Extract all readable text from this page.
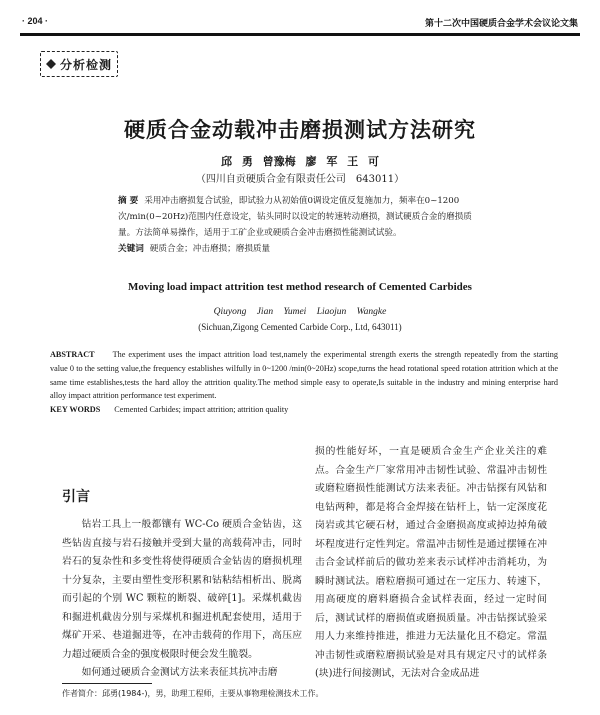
· 204 ·	第十二次中国硬质合金学术会议论文集
分析检测
硬质合金动载冲击磨损测试方法研究
邱 勇 曾豫梅 廖 军 王 可
（四川自贡硬质合金有限责任公司　643011）
摘 要 采用冲击磨损复合试验，即试验力从初始值0调设定值反复施加力，频率在0~1200次/min(0~20Hz)范围内任意设定，钻头同时以设定的转速转动磨损，测试硬质合金的磨损质量。方法简单易操作，适用于工矿企业或硬质合金冲击磨损性能测试试验。
关键词 硬质合金；冲击磨损；磨损质量
Moving load impact attrition test method research of Cemented Carbides
Qiuyong Jian Yumei Liaojun Wangke
(Sichuan,Zigong Cemented Carbide Corp., Ltd, 643011)
ABSTRACT The experiment uses the impact attrition load test,namely the experimental strength exerts the strength repeatedly from the starting value 0 to the setting value,the frequency establishes wilfully in 0~1200 /min(0~20Hz) scope,turns the head rotational speed rotation attrition which at the same time establishes,tests the hard alloy the attrition quality.The method simple easy to operate,Is suitable in the industry and mining enterprise hard alloy impact attrition performance test experiment.
KEY WORDS Cemented Carbides; impact attrition; attrition quality
引言

钻岩工具上一般都镶有 WC-Co 硬质合金钻齿，这些钻齿直接与岩石接触并受到大量的高载荷冲击，同时岩石的复杂性和多变性将使得硬质合金钻齿的磨损机理十分复杂，主要由塑性变形积累和钴粘结相析出、脱离而引起的个别 WC 颗粒的断裂、破碎[1]。采煤机截齿和掘进机截齿分别与采煤机和掘进机配套使用，适用于煤矿开采、巷道掘进等，在冲击载荷的作用下，高压应力超过硬质合金的强度极限时便会发生脆裂。

如何通过硬质合金测试方法来表征其抗冲击磨

损的性能好坏，一直是硬质合金生产企业关注的难点。合金生产厂家常用冲击韧性试验、常温冲击韧性或磨粒磨损性能测试方法来表征。冲击钻探有风钻和电钻两种，都是将合金焊接在钻杆上，钻一定深度花岗岩或其它硬石材，通过合金磨损高度或掉边掉角破坏程度进行定性判定。常温冲击韧性是通过摆锤在冲击合金试样前后的做功差来表示试样冲击消耗功，为瞬时测试法。磨粒磨损可通过在一定压力、转速下，用高硬度的磨料磨损合金试样表面，经过一定时间后，测试试样的磨损值或磨损质量。冲击钻探试验采用人力来维持推进，推进力无法量化且不稳定。常温冲击韧性或磨粒磨损试验是对具有规定尺寸的试样条(块)进行间接测试，无法对合金成品进

作者简介：邱勇(1984-)，男，助理工程师，主要从事物理检测技术工作。
